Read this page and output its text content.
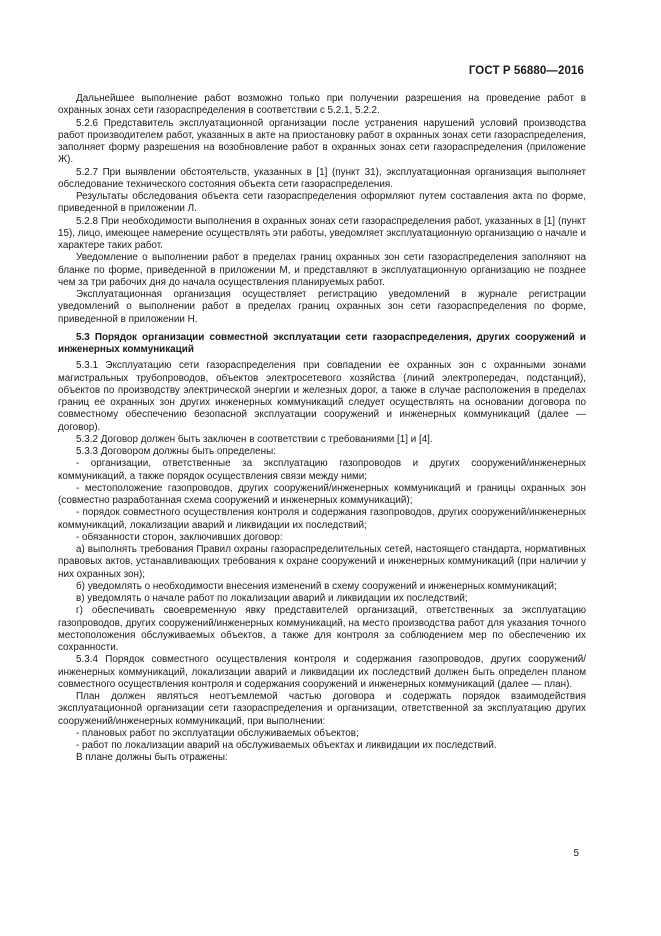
ГОСТ Р 56880—2016

Дальнейшее выполнение работ возможно только при получении разрешения на проведение работ в охранных зонах сети газораспределения в соответствии с 5.2.1, 5.2.2.

5.2.6 Представитель эксплуатационной организации после устранения нарушений условий производства работ производителем работ, указанных в акте на приостановку работ в охранных зонах сети газораспределения, заполняет форму разрешения на возобновление работ в охранных зонах сети газораспределения (приложение Ж).

5.2.7 При выявлении обстоятельств, указанных в [1] (пункт 31), эксплуатационная организация выполняет обследование технического состояния объекта сети газораспределения.

Результаты обследования объекта сети газораспределения оформляют путем составления акта по форме, приведенной в приложении Л.

5.2.8 При необходимости выполнения в охранных зонах сети газораспределения работ, указанных в [1] (пункт 15), лицо, имеющее намерение осуществлять эти работы, уведомляет эксплуатационную организацию о начале и характере таких работ.

Уведомление о выполнении работ в пределах границ охранных зон сети газораспределения заполняют на бланке по форме, приведенной в приложении М, и представляют в эксплуатационную организацию не позднее чем за три рабочих дня до начала осуществления планируемых работ.

Эксплуатационная организация осуществляет регистрацию уведомлений в журнале регистрации уведомлений о выполнении работ в пределах границ охранных зон сети газораспределения по форме, приведенной в приложении Н.

5.3 Порядок организации совместной эксплуатации сети газораспределения, других сооружений и инженерных коммуникаций

5.3.1 Эксплуатацию сети газораспределения при совпадении ее охранных зон с охранными зонами магистральных трубопроводов, объектов электросетевого хозяйства (линий электропередач, подстанций), объектов по производству электрической энергии и железных дорог, а также в случае расположения в пределах границ ее охранных зон других инженерных коммуникаций следует осуществлять на основании договора по совместному обеспечению безопасной эксплуатации сооружений и инженерных коммуникаций (далее — договор).

5.3.2 Договор должен быть заключен в соответствии с требованиями [1] и [4].

5.3.3 Договором должны быть определены:

- организации, ответственные за эксплуатацию газопроводов и других сооружений/инженерных коммуникаций, а также порядок осуществления связи между ними;

- местоположение газопроводов, других сооружений/инженерных коммуникаций и границы охранных зон (совместно разработанная схема сооружений и инженерных коммуникаций);

- порядок совместного осуществления контроля и содержания газопроводов, других сооружений/инженерных коммуникаций, локализации аварий и ликвидации их последствий;

- обязанности сторон, заключивших договор:

а) выполнять требования Правил охраны газораспределительных сетей, настоящего стандарта, нормативных правовых актов, устанавливающих требования к охране сооружений и инженерных коммуникаций (при наличии у них охранных зон);

б) уведомлять о необходимости внесения изменений в схему сооружений и инженерных коммуникаций;

в) уведомлять о начале работ по локализации аварий и ликвидации их последствий;

г) обеспечивать своевременную явку представителей организаций, ответственных за эксплуатацию газопроводов, других сооружений/инженерных коммуникаций, на место производства работ для указания точного местоположения обслуживаемых объектов, а также для контроля за соблюдением мер по обеспечению их сохранности.

5.3.4 Порядок совместного осуществления контроля и содержания газопроводов, других сооружений/инженерных коммуникаций, локализации аварий и ликвидации их последствий должен быть определен планом совместного осуществления контроля и содержания сооружений и инженерных коммуникаций (далее — план).

План должен являться неотъемлемой частью договора и содержать порядок взаимодействия эксплуатационной организации сети газораспределения и организации, ответственной за эксплуатацию других сооружений/инженерных коммуникаций, при выполнении:

- плановых работ по эксплуатации обслуживаемых объектов;

- работ по локализации аварий на обслуживаемых объектах и ликвидации их последствий.

В плане должны быть отражены:

5
